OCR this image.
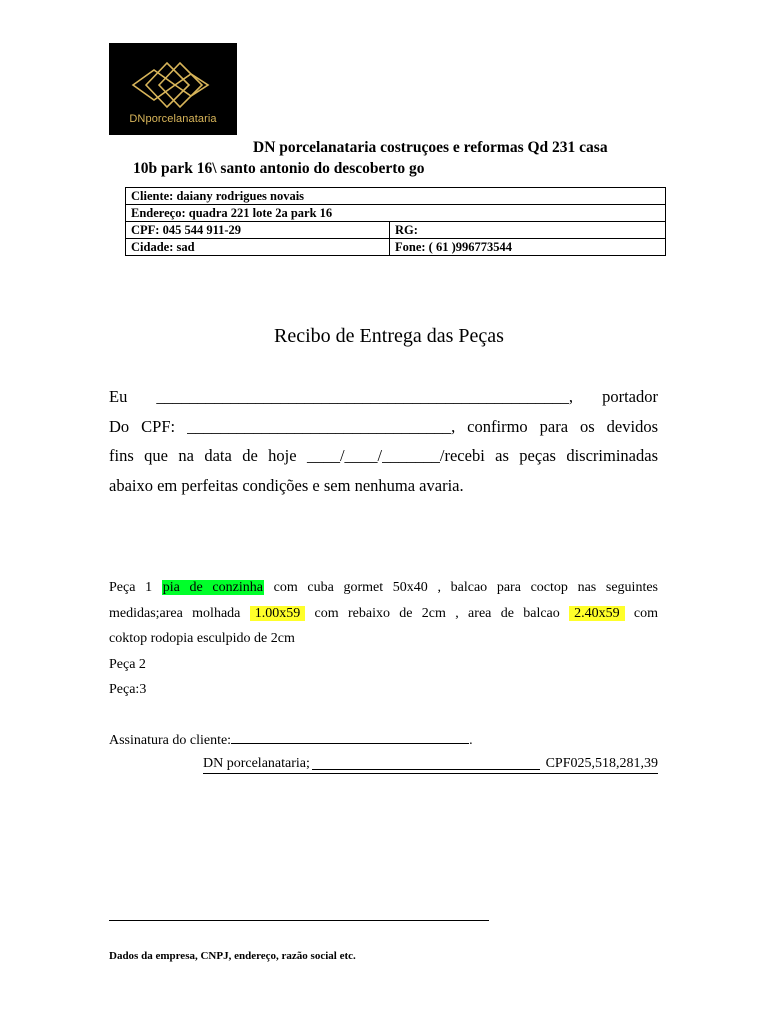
DNporcelanataria
DN porcelanataria costruçoes e reformas Qd 231 casa
10b park 16\ santo antonio do descoberto go
Cliente: daiany rodrigues novais	
Endereço: quadra 221 lote 2a park 16	
CPF: 045 544 911-29	RG:
Cidade: sad	Fone: ( 61 )996773544
Recibo de Entrega das Peças
Eu __________________________________________________, portador
Do CPF: ________________________________, confirmo para os devidos
fins que na data de hoje ____/____/_______/recebi as peças discriminadas
abaixo em perfeitas condições e sem nenhuma avaria.
Peça 1 pia de conzinha com cuba gormet 50x40 , balcao para coctop nas seguintes
medidas;area molhada 1.00x59 com rebaixo de 2cm , area de balcao 2.40x59 com
coktop rodopia esculpido de 2cm
Peça 2
Peça:3
Assinatura do cliente:	.
DN porcelanataria;	CPF025,518,281,39
Dados da empresa, CNPJ, endereço, razão social etc.
